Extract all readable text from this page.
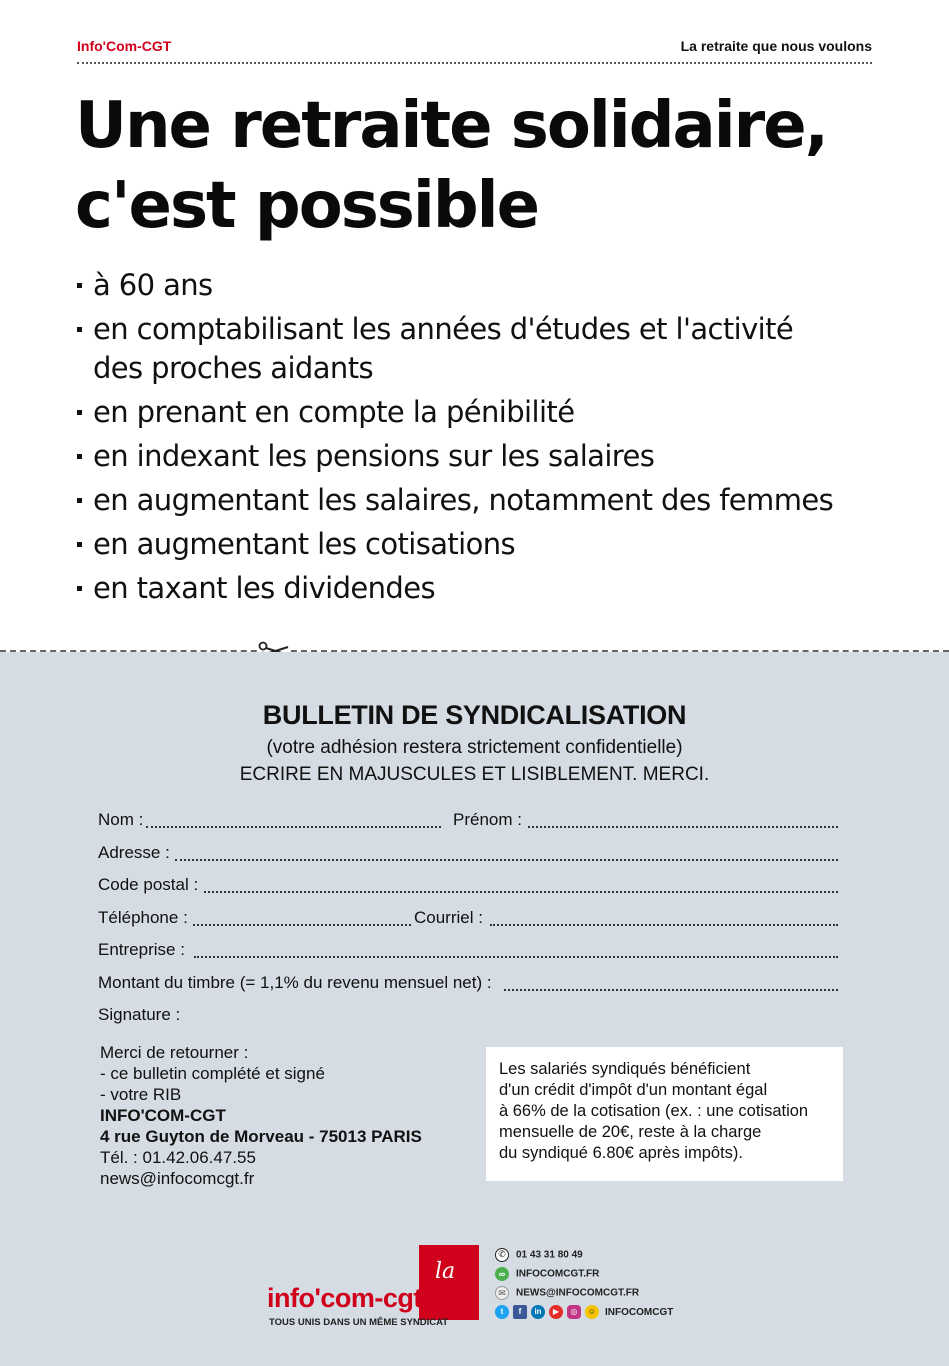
Info'Com-CGT	La retraite que nous voulons
Une retraite solidaire,
c'est possible
à 60 ans
en comptabilisant les années d'études et l'activité des proches aidants
en prenant en compte la pénibilité
en indexant les pensions sur les salaires
en augmentant les salaires, notamment des femmes
en augmentant les cotisations
en taxant les dividendes
BULLETIN DE SYNDICALISATION
(votre adhésion restera strictement confidentielle)
ECRIRE EN MAJUSCULES ET LISIBLEMENT. MERCI.
Nom :	Prénom :
Adresse :
Code postal :
Téléphone :	Courriel :
Entreprise :
Montant du timbre (= 1,1% du revenu mensuel net) :
Signature :
Merci de retourner :
- ce bulletin complété et signé
- votre RIB
INFO'COM-CGT
4 rue Guyton de Morveau - 75013 PARIS
Tél. : 01.42.06.47.55
news@infocomcgt.fr
Les salariés syndiqués bénéficient
d'un crédit d'impôt d'un montant égal
à 66% de la cotisation (ex. : une cotisation
mensuelle de 20€, reste à la charge
du syndiqué 6.80€ après impôts).
la
info'com-cgt
TOUS UNIS DANS UN MÊME SYNDICAT
✆ 01 43 31 80 49
∞ INFOCOMCGT.FR
✉ NEWS@INFOCOMCGT.FR
t f in ▶ ◎ ☺ INFOCOMCGT
